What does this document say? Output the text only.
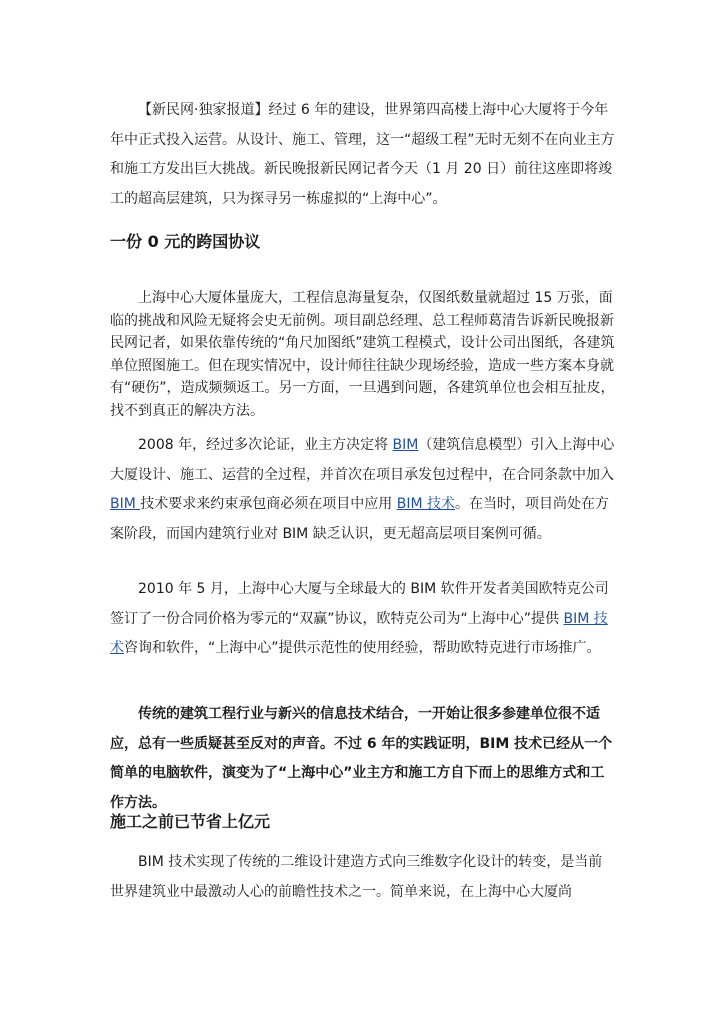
【新民网·独家报道】经过 6 年的建设，世界第四高楼上海中心大厦将于今年年中正式投入运营。从设计、施工、管理，这一“超级工程”无时无刻不在向业主方和施工方发出巨大挑战。新民晚报新民网记者今天（1 月 20 日）前往这座即将竣工的超高层建筑，只为探寻另一栋虚拟的“上海中心”。

一份 0 元的跨国协议

上海中心大厦体量庞大，工程信息海量复杂，仅图纸数量就超过 15 万张，面临的挑战和风险无疑将会史无前例。项目副总经理、总工程师葛清告诉新民晚报新民网记者，如果依靠传统的“角尺加图纸”建筑工程模式，设计公司出图纸，各建筑单位照图施工。但在现实情况中，设计师往往缺少现场经验，造成一些方案本身就有“硬伤”，造成频频返工。另一方面，一旦遇到问题，各建筑单位也会相互扯皮，找不到真正的解决方法。

2008 年，经过多次论证，业主方决定将 BIM（建筑信息模型）引入上海中心大厦设计、施工、运营的全过程，并首次在项目承发包过程中，在合同条款中加入 BIM 技术要求来约束承包商必须在项目中应用 BIM 技术。在当时，项目尚处在方案阶段，而国内建筑行业对 BIM 缺乏认识，更无超高层项目案例可循。

2010 年 5 月，上海中心大厦与全球最大的 BIM 软件开发者美国欧特克公司签订了一份合同价格为零元的“双赢”协议，欧特克公司为“上海中心”提供 BIM 技术咨询和软件，“上海中心”提供示范性的使用经验，帮助欧特克进行市场推广。

传统的建筑工程行业与新兴的信息技术结合，一开始让很多参建单位很不适应，总有一些质疑甚至反对的声音。不过 6 年的实践证明，BIM 技术已经从一个简单的电脑软件，演变为了“上海中心”业主方和施工方自下而上的思维方式和工作方法。

施工之前已节省上亿元

BIM 技术实现了传统的二维设计建造方式向三维数字化设计的转变，是当前世界建筑业中最激动人心的前瞻性技术之一。简单来说，在上海中心大厦尚
